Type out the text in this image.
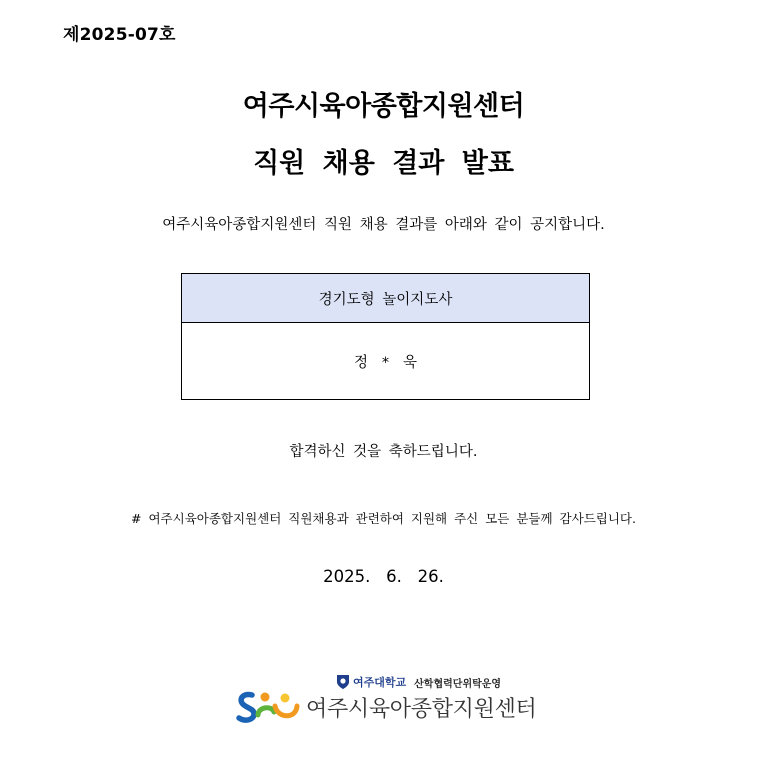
제2025-07호
여주시육아종합지원센터
직원 채용 결과 발표
여주시육아종합지원센터 직원 채용 결과를 아래와 같이 공지합니다.
경기도형 놀이지도사
정   *   욱
합격하신 것을 축하드립니다.
# 여주시육아종합지원센터 직원채용과 관련하여 지원해 주신 모든 분들께 감사드립니다.
2025.   6.   26.
여주대학교 산학협력단위탁운영
여주시육아종합지원센터
